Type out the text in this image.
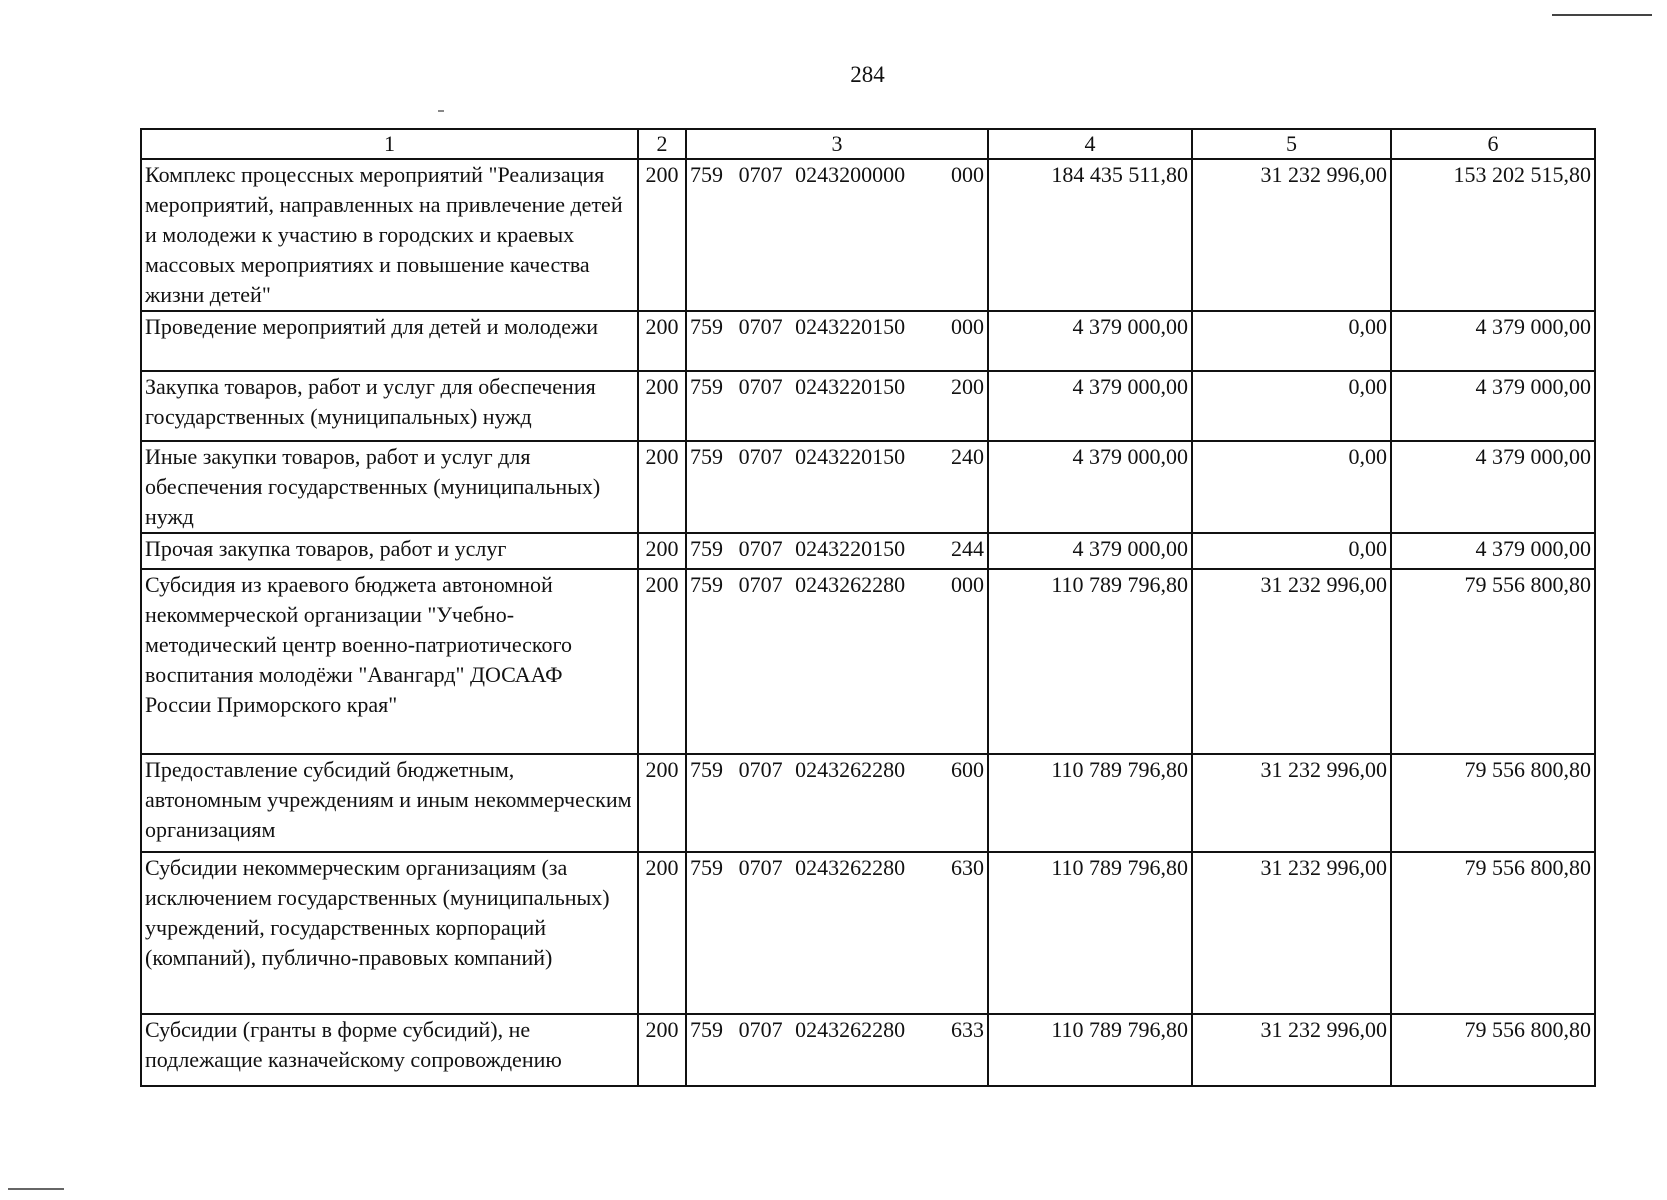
284
1	2	3	4	5	6
Комплекс процессных мероприятий "Реализация мероприятий, направленных на привлечение детей и молодежи к участию в городских и краевых массовых мероприятиях и повышение качества жизни детей"	200	759 0707 0243200000 000	184 435 511,80	31 232 996,00	153 202 515,80
Проведение мероприятий для детей и молодежи	200	759 0707 0243220150 000	4 379 000,00	0,00	4 379 000,00
Закупка товаров, работ и услуг для обеспечения государственных (муниципальных) нужд	200	759 0707 0243220150 200	4 379 000,00	0,00	4 379 000,00
Иные закупки товаров, работ и услуг для обеспечения государственных (муниципальных) нужд	200	759 0707 0243220150 240	4 379 000,00	0,00	4 379 000,00
Прочая закупка товаров, работ и услуг	200	759 0707 0243220150 244	4 379 000,00	0,00	4 379 000,00
Субсидия из краевого бюджета автономной некоммерческой организации "Учебно-методический центр военно-патриотического воспитания молодёжи "Авангард" ДОСААФ России Приморского края"	200	759 0707 0243262280 000	110 789 796,80	31 232 996,00	79 556 800,80
Предоставление субсидий бюджетным, автономным учреждениям и иным некоммерческим организациям	200	759 0707 0243262280 600	110 789 796,80	31 232 996,00	79 556 800,80
Субсидии некоммерческим организациям (за исключением государственных (муниципальных) учреждений, государственных корпораций (компаний), публично-правовых компаний)	200	759 0707 0243262280 630	110 789 796,80	31 232 996,00	79 556 800,80
Субсидии (гранты в форме субсидий), не подлежащие казначейскому сопровождению	200	759 0707 0243262280 633	110 789 796,80	31 232 996,00	79 556 800,80
